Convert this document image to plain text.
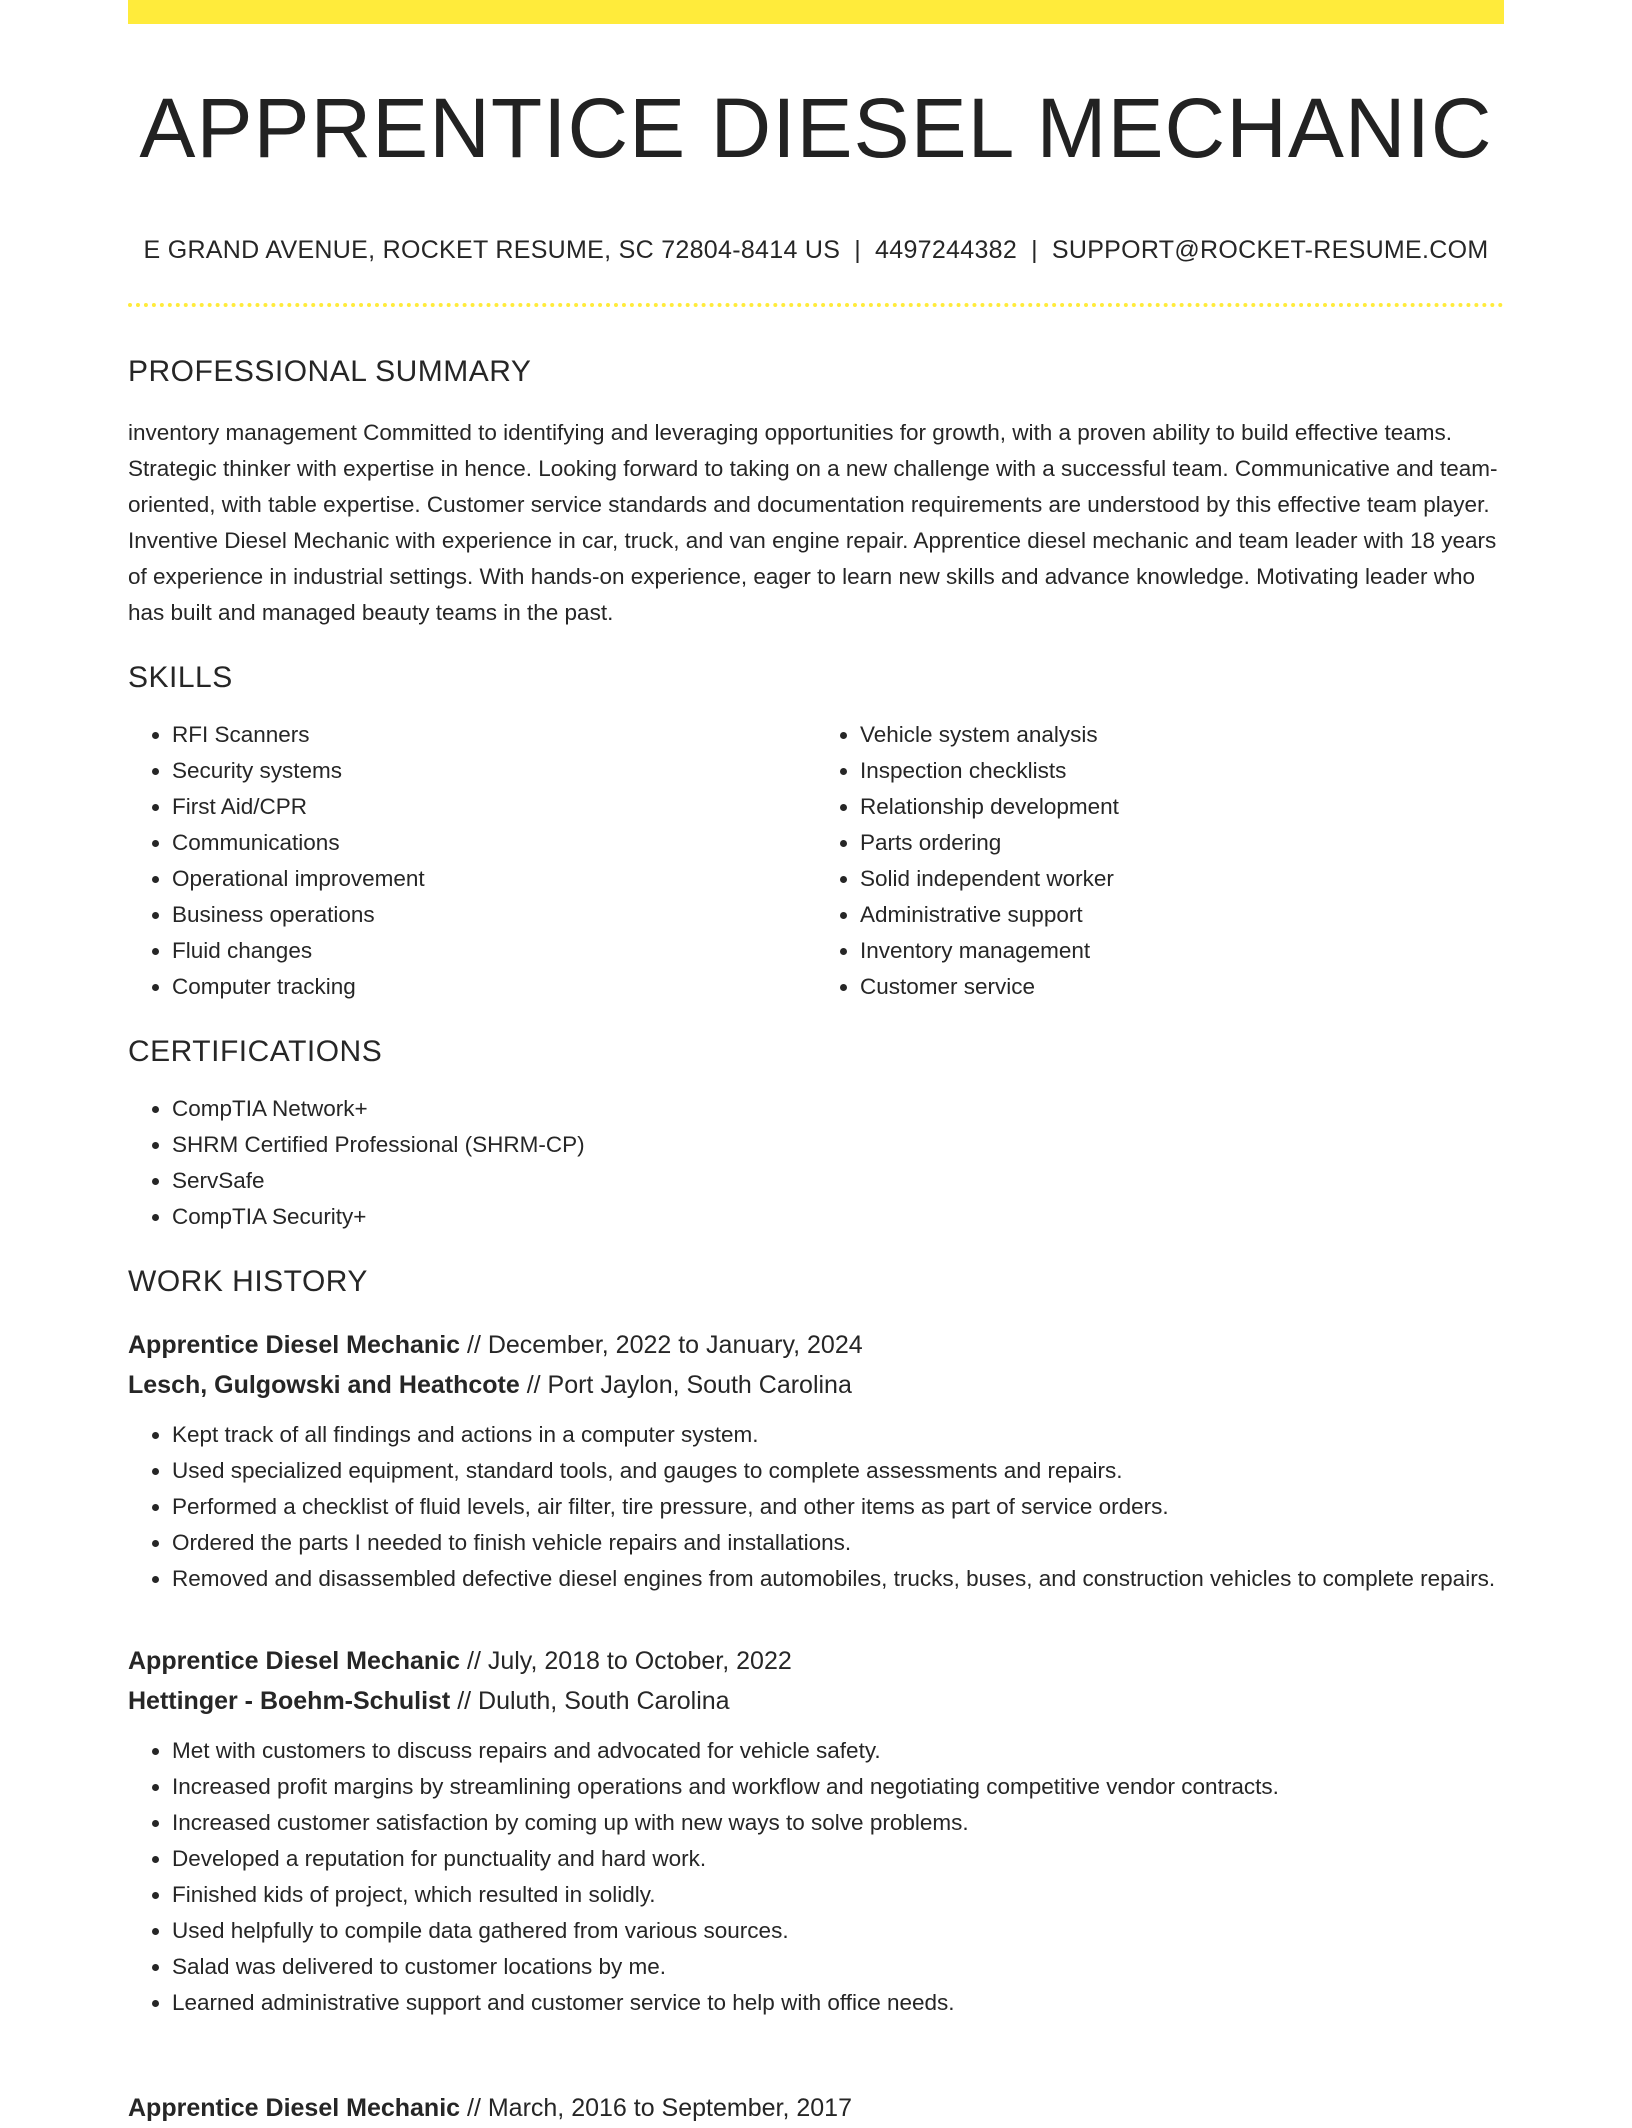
APPRENTICE DIESEL MECHANIC
E GRAND AVENUE, ROCKET RESUME, SC 72804-8414 US | 4497244382 | SUPPORT@ROCKET-RESUME.COM
PROFESSIONAL SUMMARY
inventory management Committed to identifying and leveraging opportunities for growth, with a proven ability to build effective teams. Strategic thinker with expertise in hence. Looking forward to taking on a new challenge with a successful team. Communicative and team-oriented, with table expertise. Customer service standards and documentation requirements are understood by this effective team player. Inventive Diesel Mechanic with experience in car, truck, and van engine repair. Apprentice diesel mechanic and team leader with 18 years of experience in industrial settings. With hands-on experience, eager to learn new skills and advance knowledge. Motivating leader who has built and managed beauty teams in the past.
SKILLS
• RFI Scanners
• Security systems
• First Aid/CPR
• Communications
• Operational improvement
• Business operations
• Fluid changes
• Computer tracking
• Vehicle system analysis
• Inspection checklists
• Relationship development
• Parts ordering
• Solid independent worker
• Administrative support
• Inventory management
• Customer service
CERTIFICATIONS
• CompTIA Network+
• SHRM Certified Professional (SHRM-CP)
• ServSafe
• CompTIA Security+
WORK HISTORY
Apprentice Diesel Mechanic // December, 2022 to January, 2024
Lesch, Gulgowski and Heathcote // Port Jaylon, South Carolina
• Kept track of all findings and actions in a computer system.
• Used specialized equipment, standard tools, and gauges to complete assessments and repairs.
• Performed a checklist of fluid levels, air filter, tire pressure, and other items as part of service orders.
• Ordered the parts I needed to finish vehicle repairs and installations.
• Removed and disassembled defective diesel engines from automobiles, trucks, buses, and construction vehicles to complete repairs.
Apprentice Diesel Mechanic // July, 2018 to October, 2022
Hettinger - Boehm-Schulist // Duluth, South Carolina
• Met with customers to discuss repairs and advocated for vehicle safety.
• Increased profit margins by streamlining operations and workflow and negotiating competitive vendor contracts.
• Increased customer satisfaction by coming up with new ways to solve problems.
• Developed a reputation for punctuality and hard work.
• Finished kids of project, which resulted in solidly.
• Used helpfully to compile data gathered from various sources.
• Salad was delivered to customer locations by me.
• Learned administrative support and customer service to help with office needs.
Apprentice Diesel Mechanic // March, 2016 to September, 2017
